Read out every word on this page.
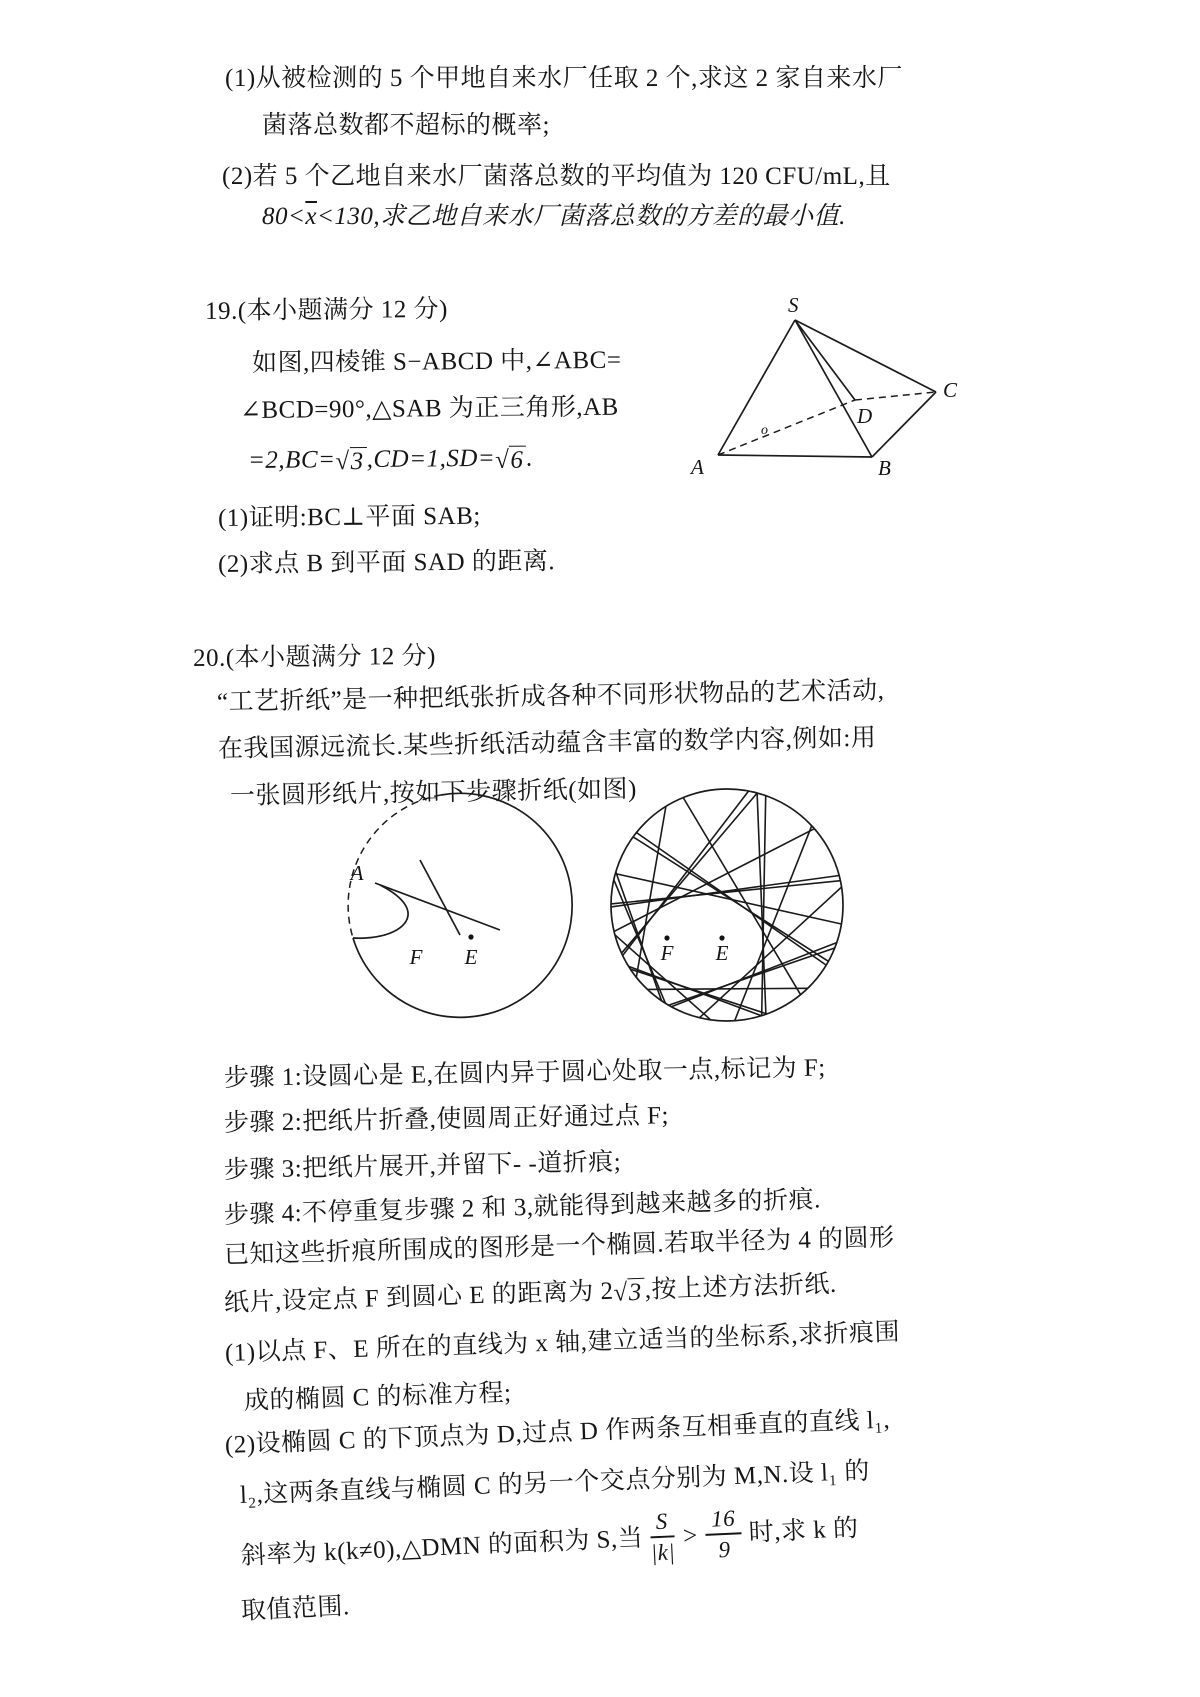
(1)从被检测的 5 个甲地自来水厂任取 2 个,求这 2 家自来水厂
菌落总数都不超标的概率;
(2)若 5 个乙地自来水厂菌落总数的平均值为 120 CFU/mL,且
$80<\overline{x}<130$,求乙地自来水厂菌落总数的方差的最小值.
19.(本小题满分 12 分)
如图,四棱锥 S−ABCD 中,∠ABC=
∠BCD=90°,△SAB 为正三角形,AB
=2,BC= √ 3 ,CD=1,SD= √ 6 .
(1)证明:BC⊥平面 SAB;
(2)求点 B 到平面 SAD 的距离.
S
A	B
C
D
o
20.(本小题满分 12 分)
“工艺折纸”是一种把纸张折成各种不同形状物品的艺术活动,
在我国源远流长.某些折纸活动蕴含丰富的数学内容,例如:用
一张圆形纸片,按如下步骤折纸(如图)
A
F E	F E
步骤 1:设圆心是 E,在圆内异于圆心处取一点,标记为 F;
步骤 2:把纸片折叠,使圆周正好通过点 F;
步骤 3:把纸片展开,并留下- -道折痕;
步骤 4:不停重复步骤 2 和 3,就能得到越来越多的折痕.
已知这些折痕所围成的图形是一个椭圆.若取半径为 4 的圆形
纸片,设定点 F 到圆心 E 的距离为 2 √ 3 ,按上述方法折纸.
(1)以点 F、E 所在的直线为 x 轴,建立适当的坐标系,求折痕围
成的椭圆 C 的标准方程;
(2)设椭圆 C 的下顶点为 D,过点 D 作两条互相垂直的直线 l₁,
l₂,这两条直线与椭圆 C 的另一个交点分别为 M,N.设 l₁ 的
斜率为 k(k≠0),△DMN 的面积为 S,当 $\frac{S}{|k|} > \frac{16}{9}$ 时,求 k 的
取值范围.
